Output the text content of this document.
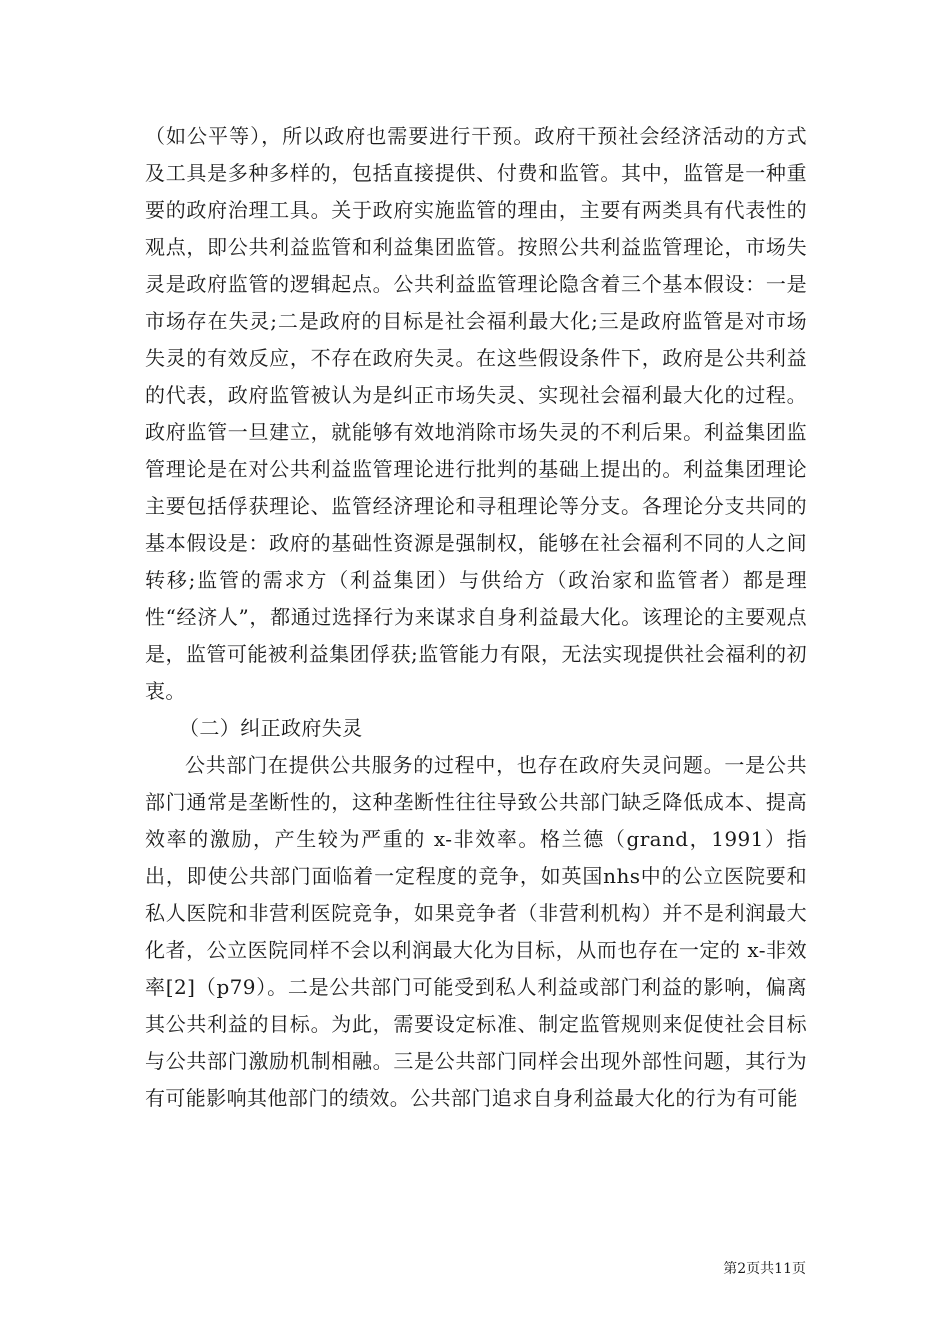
（如公平等），所以政府也需要进行干预。政府干预社会经济活动的方式及工具是多种多样的，包括直接提供、付费和监管。其中，监管是一种重要的政府治理工具。关于政府实施监管的理由，主要有两类具有代表性的观点，即公共利益监管和利益集团监管。按照公共利益监管理论，市场失灵是政府监管的逻辑起点。公共利益监管理论隐含着三个基本假设：一是市场存在失灵;二是政府的目标是社会福利最大化;三是政府监管是对市场失灵的有效反应，不存在政府失灵。在这些假设条件下，政府是公共利益的代表，政府监管被认为是纠正市场失灵、实现社会福利最大化的过程。政府监管一旦建立，就能够有效地消除市场失灵的不利后果。利益集团监管理论是在对公共利益监管理论进行批判的基础上提出的。利益集团理论主要包括俘获理论、监管经济理论和寻租理论等分支。各理论分支共同的基本假设是：政府的基础性资源是强制权，能够在社会福利不同的人之间转移;监管的需求方（利益集团）与供给方（政治家和监管者）都是理性“经济人”，都通过选择行为来谋求自身利益最大化。该理论的主要观点是，监管可能被利益集团俘获;监管能力有限，无法实现提供社会福利的初衷。

（二）纠正政府失灵

公共部门在提供公共服务的过程中，也存在政府失灵问题。一是公共部门通常是垄断性的，这种垄断性往往导致公共部门缺乏降低成本、提高效率的激励，产生较为严重的 x-非效率。格兰德（grand，1991）指出，即使公共部门面临着一定程度的竞争，如英国nhs中的公立医院要和私人医院和非营利医院竞争，如果竞争者（非营利机构）并不是利润最大化者，公立医院同样不会以利润最大化为目标，从而也存在一定的 x-非效率[2]（p79）。二是公共部门可能受到私人利益或部门利益的影响，偏离其公共利益的目标。为此，需要设定标准、制定监管规则来促使社会目标与公共部门激励机制相融。三是公共部门同样会出现外部性问题，其行为有可能影响其他部门的绩效。公共部门追求自身利益最大化的行为有可能

第2页共11页
